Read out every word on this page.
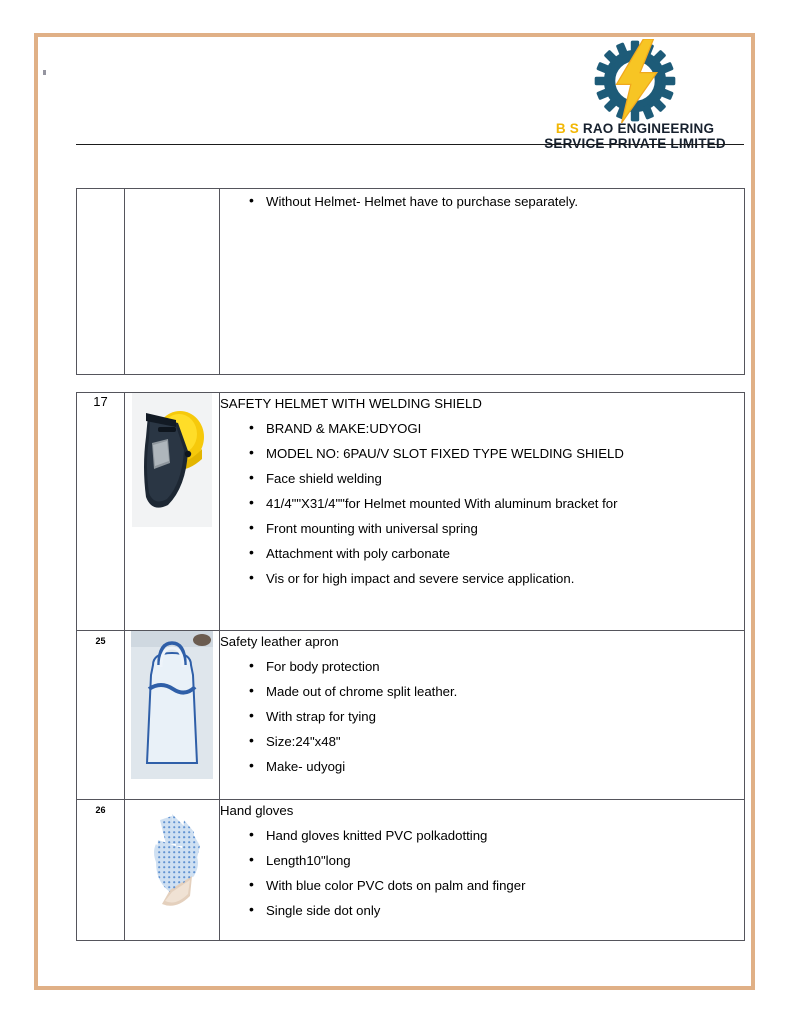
B S RAO ENGINEERING
SERVICE PRIVATE LIMITED

• Without Helmet- Helmet have to purchase separately.

17		SAFETY HELMET WITH WELDING SHIELD
• BRAND & MAKE:UDYOGI
• MODEL NO: 6PAU/V SLOT FIXED TYPE WELDING SHIELD
• Face shield welding
• 41/4""X31/4""for Helmet mounted With aluminum bracket for
• Front mounting with universal spring
• Attachment with poly carbonate
• Vis or for high impact and severe service application.

25		Safety leather apron
• For body protection
• Made out of chrome split leather.
• With strap for tying
• Size:24"x48"
• Make- udyogi

26		Hand gloves
• Hand gloves knitted PVC polkadotting
• Length10"long
• With blue color PVC dots on palm and finger
• Single side dot only
